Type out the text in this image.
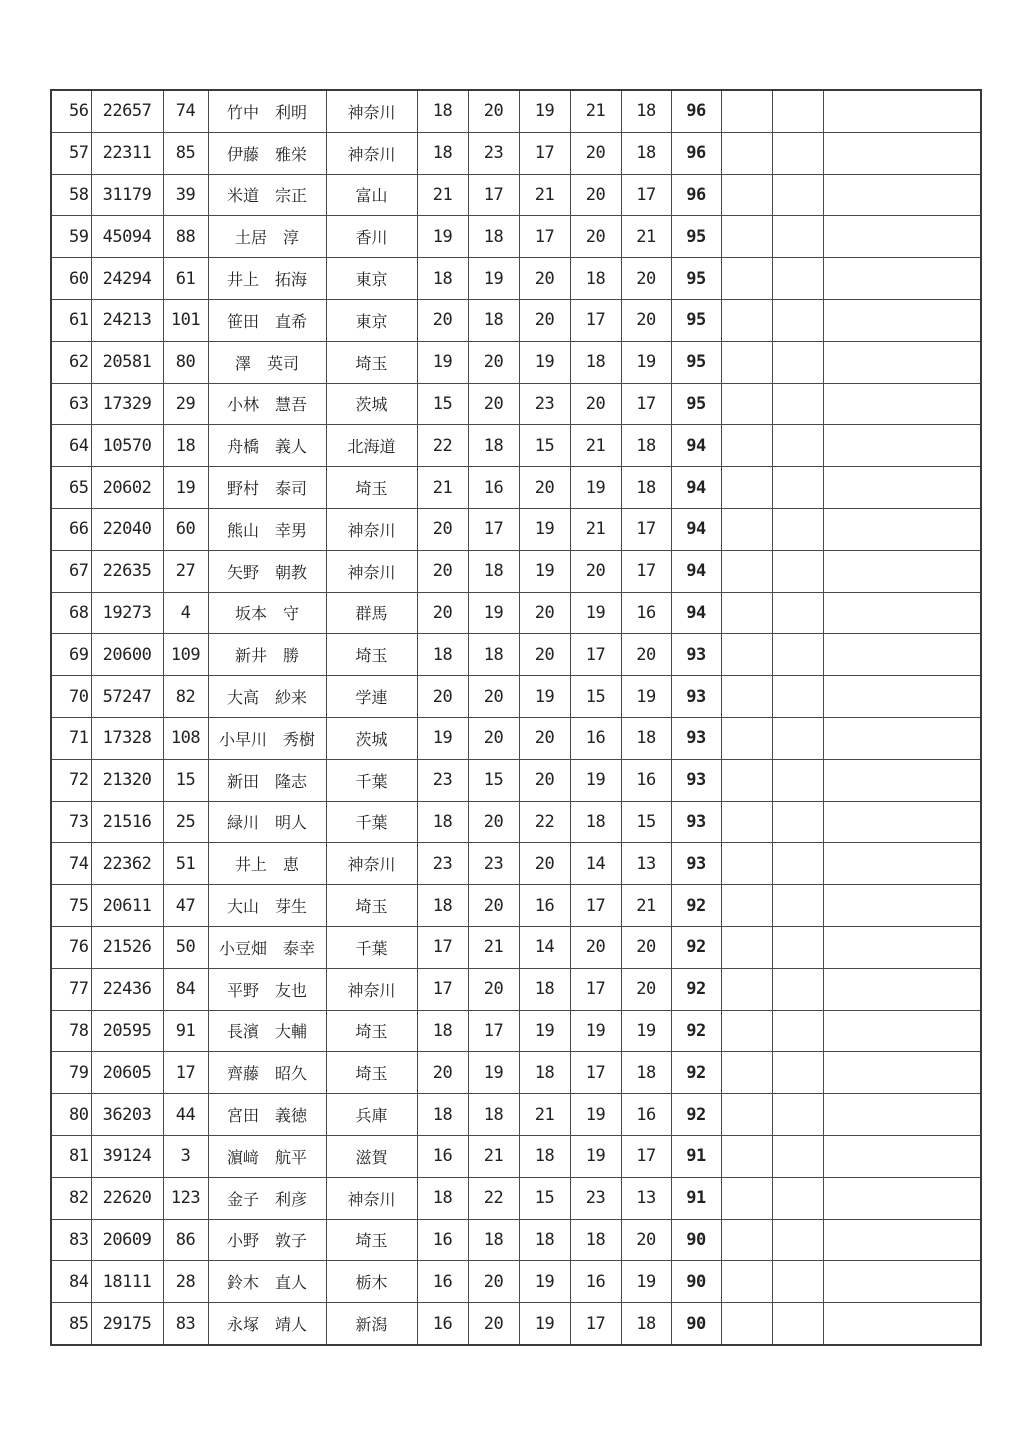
56	22657	74	竹中　利明	神奈川	18	20	19	21	18	96			
57	22311	85	伊藤　雅栄	神奈川	18	23	17	20	18	96			
58	31179	39	米道　宗正	富山	21	17	21	20	17	96			
59	45094	88	土居　淳	香川	19	18	17	20	21	95			
60	24294	61	井上　拓海	東京	18	19	20	18	20	95			
61	24213	101	笹田　直希	東京	20	18	20	17	20	95			
62	20581	80	澤　英司	埼玉	19	20	19	18	19	95			
63	17329	29	小林　慧吾	茨城	15	20	23	20	17	95			
64	10570	18	舟橋　義人	北海道	22	18	15	21	18	94			
65	20602	19	野村　泰司	埼玉	21	16	20	19	18	94			
66	22040	60	熊山　幸男	神奈川	20	17	19	21	17	94			
67	22635	27	矢野　朝教	神奈川	20	18	19	20	17	94			
68	19273	4	坂本　守	群馬	20	19	20	19	16	94			
69	20600	109	新井　勝	埼玉	18	18	20	17	20	93			
70	57247	82	大高　紗来	学連	20	20	19	15	19	93			
71	17328	108	小早川　秀樹	茨城	19	20	20	16	18	93			
72	21320	15	新田　隆志	千葉	23	15	20	19	16	93			
73	21516	25	緑川　明人	千葉	18	20	22	18	15	93			
74	22362	51	井上　恵	神奈川	23	23	20	14	13	93			
75	20611	47	大山　芽生	埼玉	18	20	16	17	21	92			
76	21526	50	小豆畑　泰幸	千葉	17	21	14	20	20	92			
77	22436	84	平野　友也	神奈川	17	20	18	17	20	92			
78	20595	91	長濱　大輔	埼玉	18	17	19	19	19	92			
79	20605	17	齊藤　昭久	埼玉	20	19	18	17	18	92			
80	36203	44	宮田　義徳	兵庫	18	18	21	19	16	92			
81	39124	3	濵﨑　航平	滋賀	16	21	18	19	17	91			
82	22620	123	金子　利彦	神奈川	18	22	15	23	13	91			
83	20609	86	小野　敦子	埼玉	16	18	18	18	20	90			
84	18111	28	鈴木　直人	栃木	16	20	19	16	19	90			
85	29175	83	永塚　靖人	新潟	16	20	19	17	18	90			
